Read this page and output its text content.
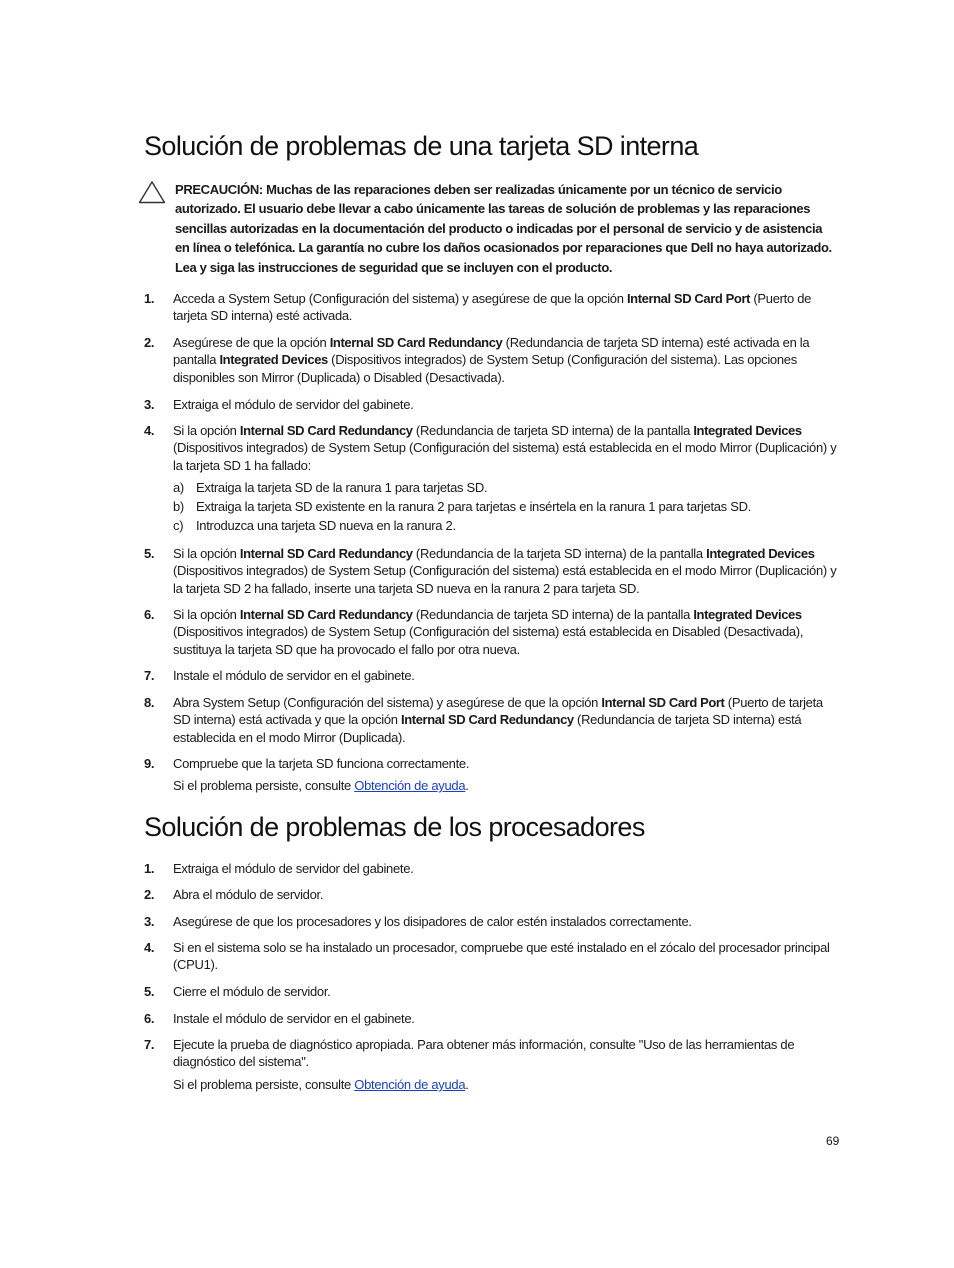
Solución de problemas de una tarjeta SD interna
PRECAUCIÓN: Muchas de las reparaciones deben ser realizadas únicamente por un técnico de servicio autorizado. El usuario debe llevar a cabo únicamente las tareas de solución de problemas y las reparaciones sencillas autorizadas en la documentación del producto o indicadas por el personal de servicio y de asistencia en línea o telefónica. La garantía no cubre los daños ocasionados por reparaciones que Dell no haya autorizado. Lea y siga las instrucciones de seguridad que se incluyen con el producto.
1. Acceda a System Setup (Configuración del sistema) y asegúrese de que la opción Internal SD Card Port (Puerto de tarjeta SD interna) esté activada.
2. Asegúrese de que la opción Internal SD Card Redundancy (Redundancia de tarjeta SD interna) esté activada en la pantalla Integrated Devices (Dispositivos integrados) de System Setup (Configuración del sistema). Las opciones disponibles son Mirror (Duplicada) o Disabled (Desactivada).
3. Extraiga el módulo de servidor del gabinete.
4. Si la opción Internal SD Card Redundancy (Redundancia de tarjeta SD interna) de la pantalla Integrated Devices (Dispositivos integrados) de System Setup (Configuración del sistema) está establecida en el modo Mirror (Duplicación) y la tarjeta SD 1 ha fallado:
a) Extraiga la tarjeta SD de la ranura 1 para tarjetas SD.
b) Extraiga la tarjeta SD existente en la ranura 2 para tarjetas e insértela en la ranura 1 para tarjetas SD.
c) Introduzca una tarjeta SD nueva en la ranura 2.
5. Si la opción Internal SD Card Redundancy (Redundancia de la tarjeta SD interna) de la pantalla Integrated Devices (Dispositivos integrados) de System Setup (Configuración del sistema) está establecida en el modo Mirror (Duplicación) y la tarjeta SD 2 ha fallado, inserte una tarjeta SD nueva en la ranura 2 para tarjeta SD.
6. Si la opción Internal SD Card Redundancy (Redundancia de tarjeta SD interna) de la pantalla Integrated Devices (Dispositivos integrados) de System Setup (Configuración del sistema) está establecida en Disabled (Desactivada), sustituya la tarjeta SD que ha provocado el fallo por otra nueva.
7. Instale el módulo de servidor en el gabinete.
8. Abra System Setup (Configuración del sistema) y asegúrese de que la opción Internal SD Card Port (Puerto de tarjeta SD interna) está activada y que la opción Internal SD Card Redundancy (Redundancia de tarjeta SD interna) está establecida en el modo Mirror (Duplicada).
9. Compruebe que la tarjeta SD funciona correctamente.
Si el problema persiste, consulte Obtención de ayuda.
Solución de problemas de los procesadores
1. Extraiga el módulo de servidor del gabinete.
2. Abra el módulo de servidor.
3. Asegúrese de que los procesadores y los disipadores de calor estén instalados correctamente.
4. Si en el sistema solo se ha instalado un procesador, compruebe que esté instalado en el zócalo del procesador principal (CPU1).
5. Cierre el módulo de servidor.
6. Instale el módulo de servidor en el gabinete.
7. Ejecute la prueba de diagnóstico apropiada. Para obtener más información, consulte "Uso de las herramientas de diagnóstico del sistema".
Si el problema persiste, consulte Obtención de ayuda.
69
